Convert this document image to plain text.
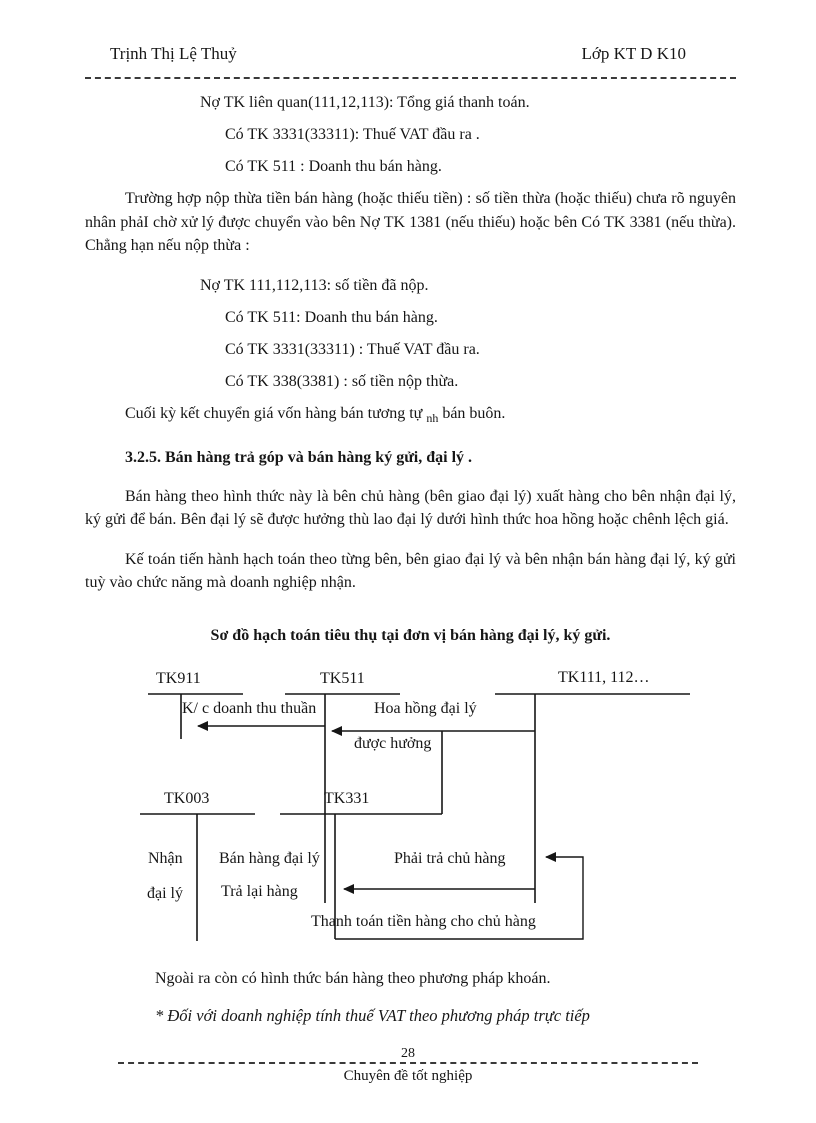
Trịnh Thị Lệ Thuỷ	Lớp KT D K10
Nợ TK liên quan(111,12,113): Tổng giá thanh toán.
Có TK 3331(33311): Thuế VAT đầu ra .
Có TK 511 : Doanh thu bán hàng.

Trường hợp nộp thừa tiền bán hàng (hoặc thiếu tiền) : số tiền thừa (hoặc thiếu) chưa rõ nguyên nhân phảI chờ xử lý được chuyển vào bên Nợ TK 1381 (nếu thiếu) hoặc bên Có TK 3381 (nếu thừa). Chẳng hạn nếu nộp thừa :

Nợ TK 111,112,113: số tiền đã nộp.
Có TK 511: Doanh thu bán hàng.
Có TK 3331(33311) : Thuế VAT đầu ra.
Có TK 338(3381) : số tiền nộp thừa.

Cuối kỳ kết chuyển giá vốn hàng bán tương tự $_{nh}$ bán buôn.

3.2.5. Bán hàng trả góp và bán hàng ký gửi, đại lý .

Bán hàng theo hình thức này là bên chủ hàng (bên giao đại lý) xuất hàng cho bên nhận đại lý, ký gửi để bán. Bên đại lý sẽ được hưởng thù lao đại lý dưới hình thức hoa hồng hoặc chênh lệch giá.

Kế toán tiến hành hạch toán theo từng bên, bên giao đại lý và bên nhận bán hàng đại lý, ký gửi tuỳ vào chức năng mà doanh nghiệp nhận.

Sơ đồ hạch toán tiêu thụ tại đơn vị bán hàng đại lý, ký gửi.

TK911	TK511	TK111, 112…
K/ c doanh thu thuần	Hoa hồng đại lý
được hưởng
TK003	TK331
Nhận Bán hàng đại lý	Phải trả chủ hàng
đại lý Trả lại hàng
Thanh toán tiền hàng cho chủ hàng

Ngoài ra còn có hình thức bán hàng theo phương pháp khoán.

* Đối với doanh nghiệp tính thuế VAT theo phương pháp trực tiếp

28
Chuyên đề tốt nghiệp
